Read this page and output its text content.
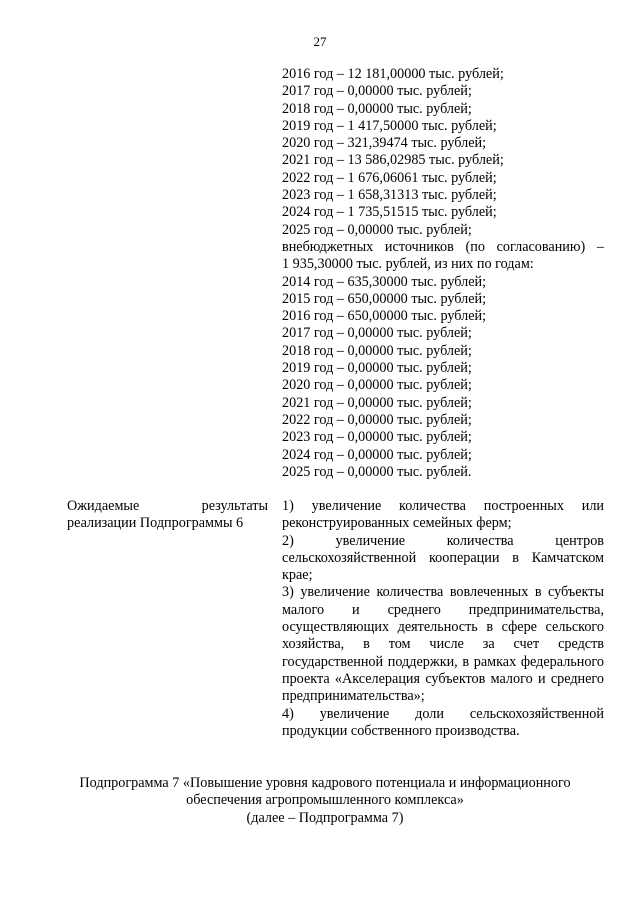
27
2016 год – 12 181,00000 тыс. рублей;
2017 год – 0,00000 тыс. рублей;
2018 год – 0,00000 тыс. рублей;
2019 год – 1 417,50000 тыс. рублей;
2020 год – 321,39474 тыс. рублей;
2021 год – 13 586,02985 тыс. рублей;
2022 год – 1 676,06061 тыс. рублей;
2023 год – 1 658,31313 тыс. рублей;
2024 год – 1 735,51515 тыс. рублей;
2025 год – 0,00000 тыс. рублей;
внебюджетных источников (по согласованию) –
1 935,30000 тыс. рублей, из них по годам:
2014 год – 635,30000 тыс. рублей;
2015 год – 650,00000 тыс. рублей;
2016 год – 650,00000 тыс. рублей;
2017 год – 0,00000 тыс. рублей;
2018 год – 0,00000 тыс. рублей;
2019 год – 0,00000 тыс. рублей;
2020 год – 0,00000 тыс. рублей;
2021 год – 0,00000 тыс. рублей;
2022 год – 0,00000 тыс. рублей;
2023 год – 0,00000 тыс. рублей;
2024 год – 0,00000 тыс. рублей;
2025 год – 0,00000 тыс. рублей.
Ожидаемые результаты
реализации Подпрограммы 6
1) увеличение количества построенных или реконструированных семейных ферм;
2) увеличение количества центров сельскохозяйственной кооперации в Камчатском крае;
3) увеличение количества вовлеченных в субъекты малого и среднего предпринимательства, осуществляющих деятельность в сфере сельского хозяйства, в том числе за счет средств государственной поддержки, в рамках федерального проекта «Акселерация субъектов малого и среднего предпринимательства»;
4) увеличение доли сельскохозяйственной продукции собственного производства.
Подпрограмма 7 «Повышение уровня кадрового потенциала и информационного
обеспечения агропромышленного комплекса»
(далее – Подпрограмма 7)
